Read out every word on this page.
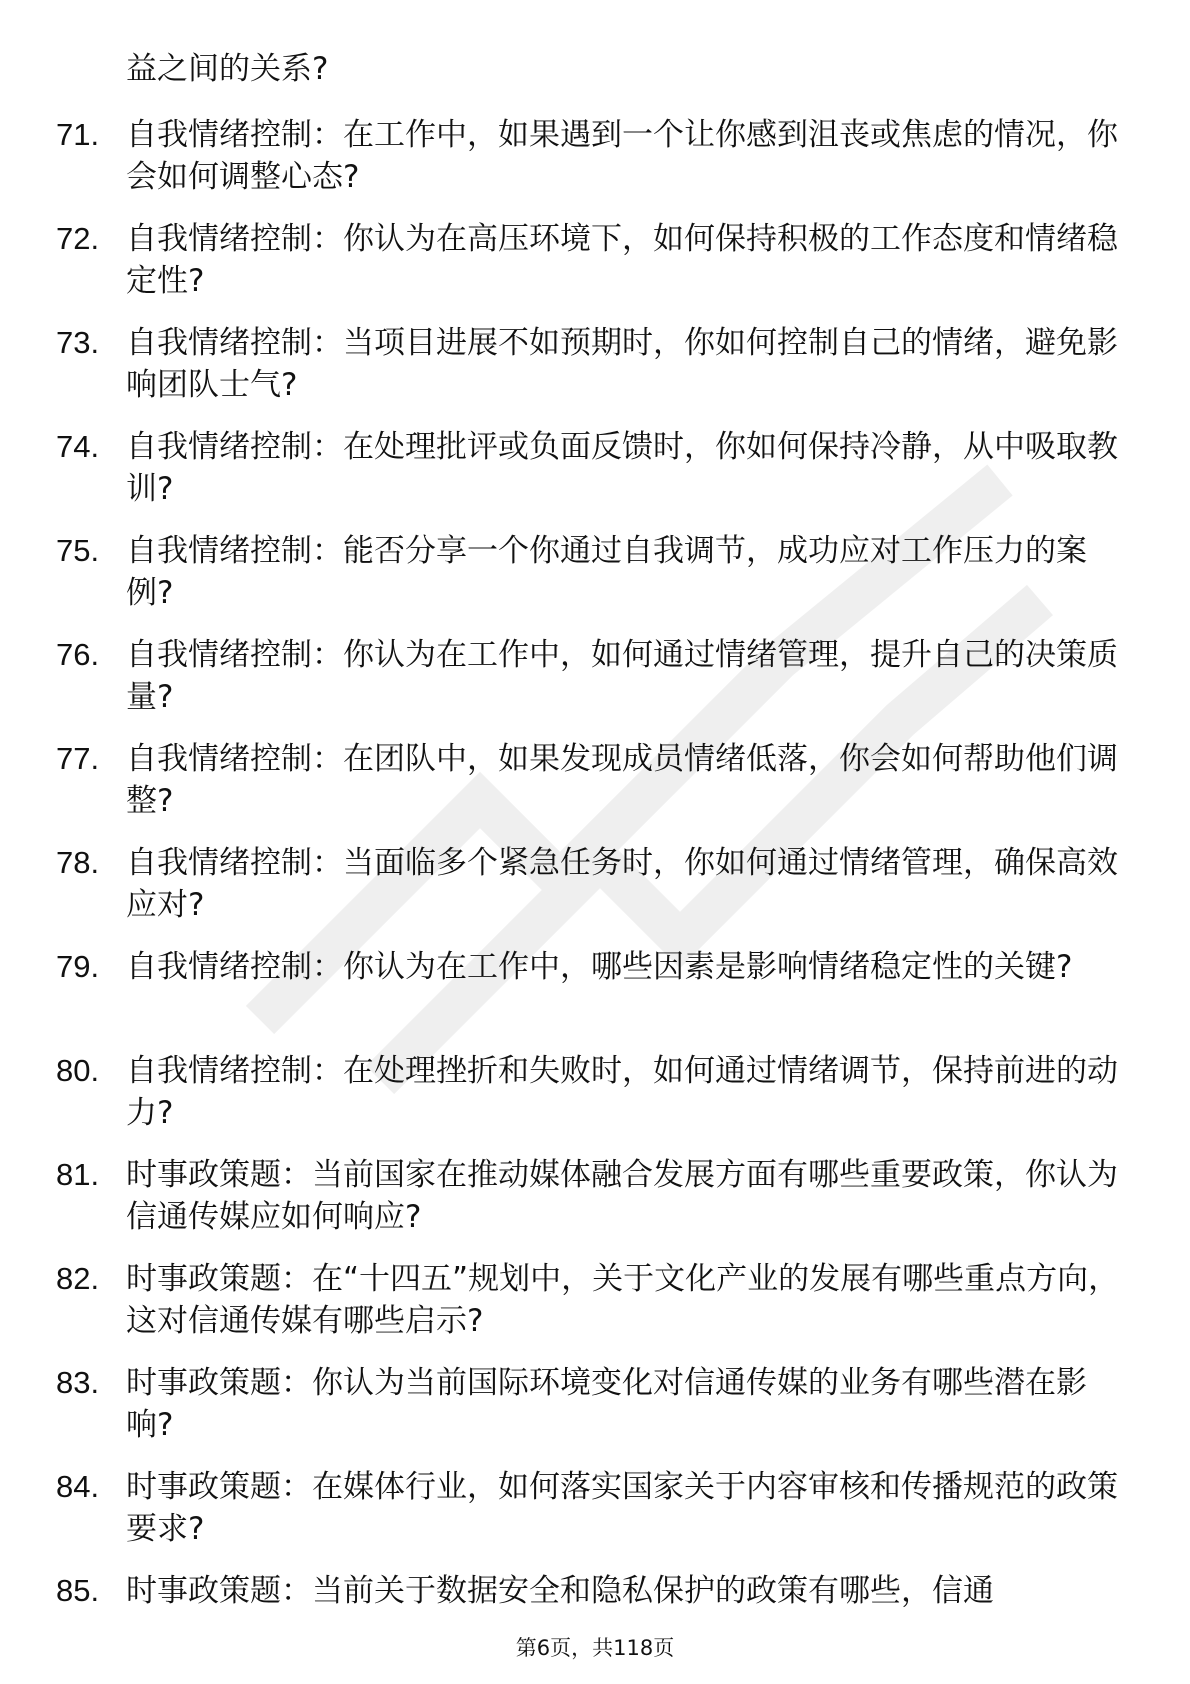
益之间的关系?

71. 自我情绪控制：在工作中，如果遇到一个让你感到沮丧或焦虑的情况，你会如何调整心态?

72. 自我情绪控制：你认为在高压环境下，如何保持积极的工作态度和情绪稳定性?

73. 自我情绪控制：当项目进展不如预期时，你如何控制自己的情绪，避免影响团队士气?

74. 自我情绪控制：在处理批评或负面反馈时，你如何保持冷静，从中吸取教训?

75. 自我情绪控制：能否分享一个你通过自我调节，成功应对工作压力的案例?

76. 自我情绪控制：你认为在工作中，如何通过情绪管理，提升自己的决策质量?

77. 自我情绪控制：在团队中，如果发现成员情绪低落，你会如何帮助他们调整?

78. 自我情绪控制：当面临多个紧急任务时，你如何通过情绪管理，确保高效应对?

79. 自我情绪控制：你认为在工作中，哪些因素是影响情绪稳定性的关键?

80. 自我情绪控制：在处理挫折和失败时，如何通过情绪调节，保持前进的动力?

81. 时事政策题：当前国家在推动媒体融合发展方面有哪些重要政策，你认为信通传媒应如何响应?

82. 时事政策题：在“十四五”规划中，关于文化产业的发展有哪些重点方向，这对信通传媒有哪些启示?

83. 时事政策题：你认为当前国际环境变化对信通传媒的业务有哪些潜在影响?

84. 时事政策题：在媒体行业，如何落实国家关于内容审核和传播规范的政策要求?

85. 时事政策题：当前关于数据安全和隐私保护的政策有哪些，信通

第6页，共118页
